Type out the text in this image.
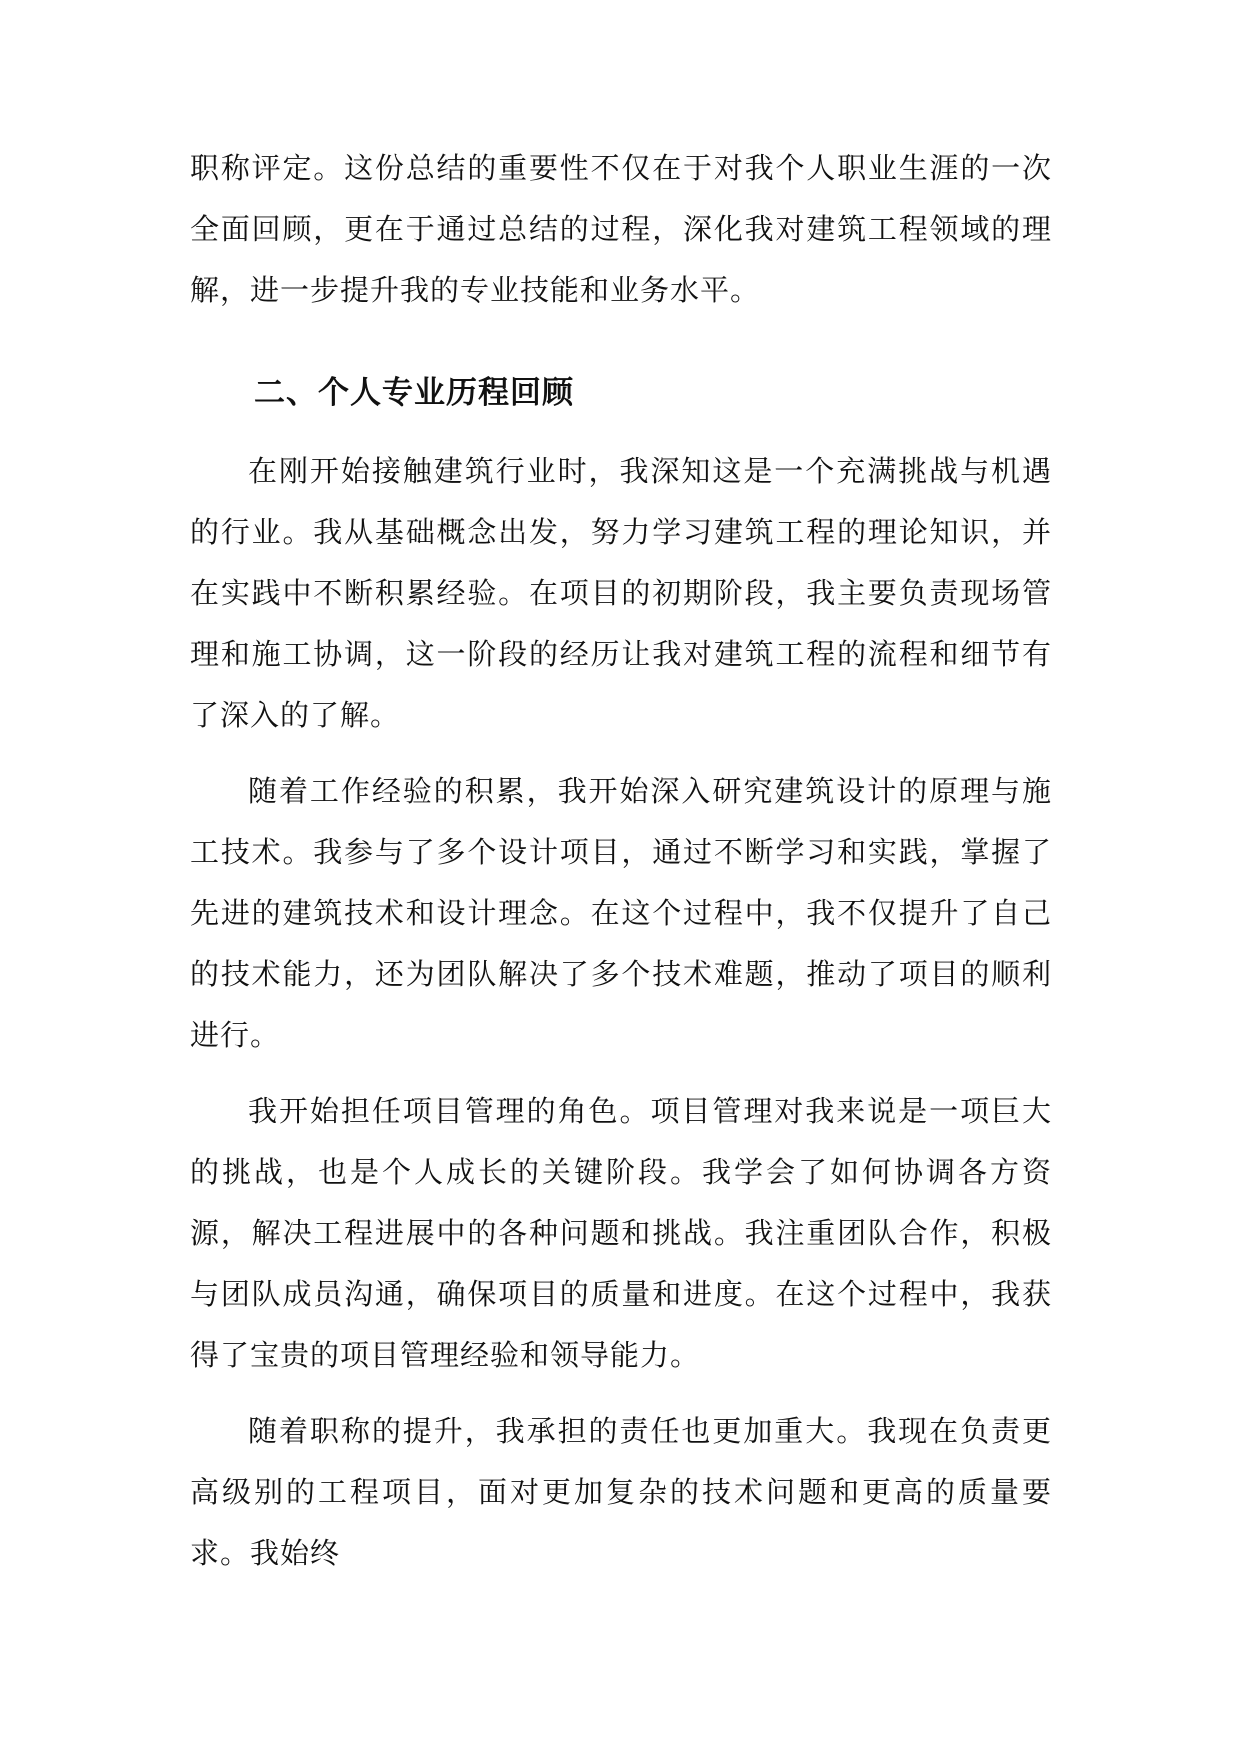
职称评定。这份总结的重要性不仅在于对我个人职业生涯的一次全面回顾，更在于通过总结的过程，深化我对建筑工程领域的理解，进一步提升我的专业技能和业务水平。

二、个人专业历程回顾

在刚开始接触建筑行业时，我深知这是一个充满挑战与机遇的行业。我从基础概念出发，努力学习建筑工程的理论知识，并在实践中不断积累经验。在项目的初期阶段，我主要负责现场管理和施工协调，这一阶段的经历让我对建筑工程的流程和细节有了深入的了解。

随着工作经验的积累，我开始深入研究建筑设计的原理与施工技术。我参与了多个设计项目，通过不断学习和实践，掌握了先进的建筑技术和设计理念。在这个过程中，我不仅提升了自己的技术能力，还为团队解决了多个技术难题，推动了项目的顺利进行。

我开始担任项目管理的角色。项目管理对我来说是一项巨大的挑战，也是个人成长的关键阶段。我学会了如何协调各方资源，解决工程进展中的各种问题和挑战。我注重团队合作，积极与团队成员沟通，确保项目的质量和进度。在这个过程中，我获得了宝贵的项目管理经验和领导能力。

随着职称的提升，我承担的责任也更加重大。我现在负责更高级别的工程项目，面对更加复杂的技术问题和更高的质量要求。我始终
